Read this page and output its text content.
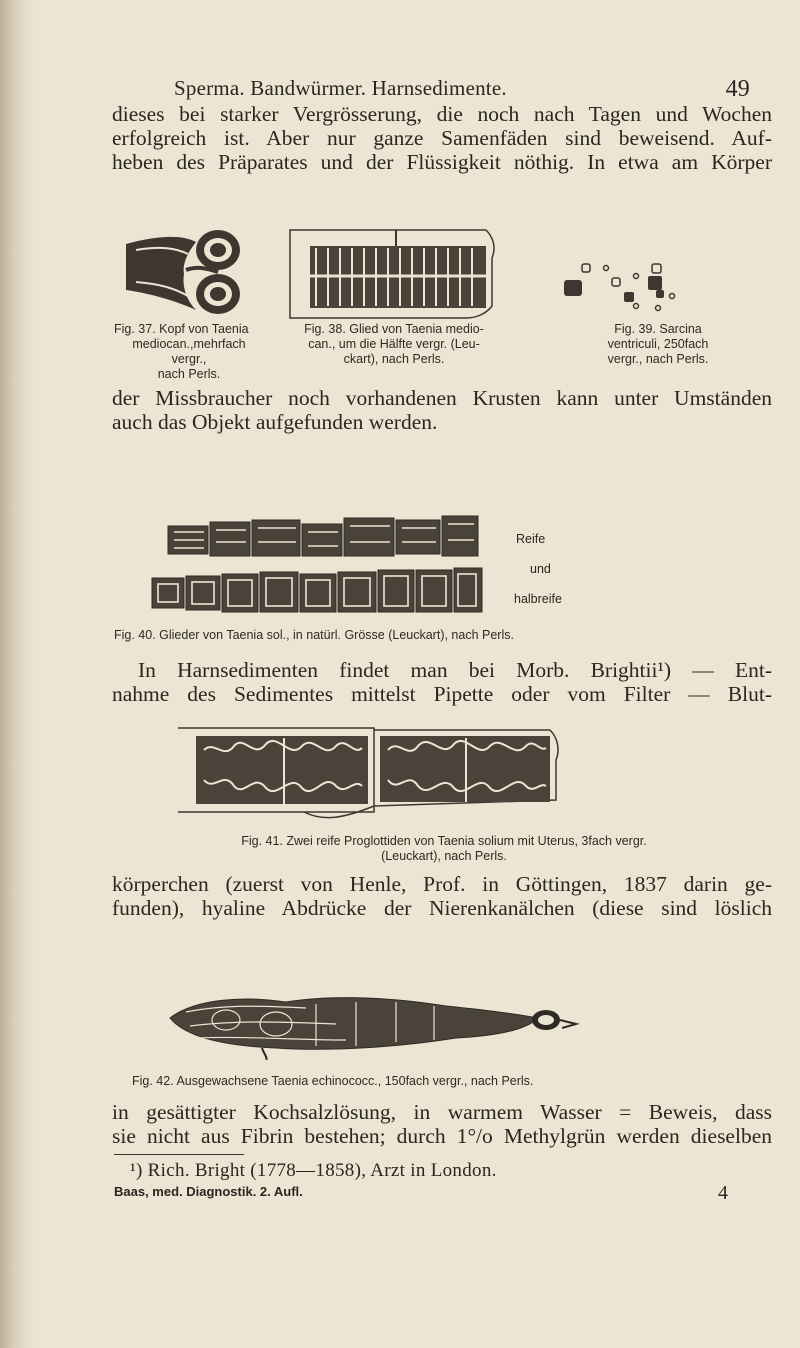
Sperma. Bandwürmer. Harnsedimente.	49
dieses bei starker Vergrösserung, die noch nach Tagen und Wochen
erfolgreich ist. Aber nur ganze Samenfäden sind beweisend. Auf-
heben des Präparates und der Flüssigkeit nöthig. In etwa am Körper
Fig. 37. Kopf von Taenia
mediocan.,mehrfach vergr.,
nach Perls.
Fig. 38. Glied von Taenia medio-
can., um die Hälfte vergr. (Leu-
ckart), nach Perls.
Fig. 39. Sarcina
ventriculi, 250fach
vergr., nach Perls.
der Missbraucher noch vorhandenen Krusten kann unter Umständen
auch das Objekt aufgefunden werden.
Reife
und
halbreife
Fig. 40. Glieder von Taenia sol., in natürl. Grösse (Leuckart), nach Perls.
In Harnsedimenten findet man bei Morb. Brightii¹) — Ent-
nahme des Sedimentes mittelst Pipette oder vom Filter — Blut-
Fig. 41. Zwei reife Proglottiden von Taenia solium mit Uterus, 3fach vergr.
(Leuckart), nach Perls.
körperchen (zuerst von Henle, Prof. in Göttingen, 1837 darin ge-
funden), hyaline Abdrücke der Nierenkanälchen (diese sind löslich
Fig. 42. Ausgewachsene Taenia echinococc., 150fach vergr., nach Perls.
in gesättigter Kochsalzlösung, in warmem Wasser = Beweis, dass
sie nicht aus Fibrin bestehen; durch 1°/o Methylgrün werden dieselben
¹) Rich. Bright (1778—1858), Arzt in London.
Baas, med. Diagnostik. 2. Aufl.	4
